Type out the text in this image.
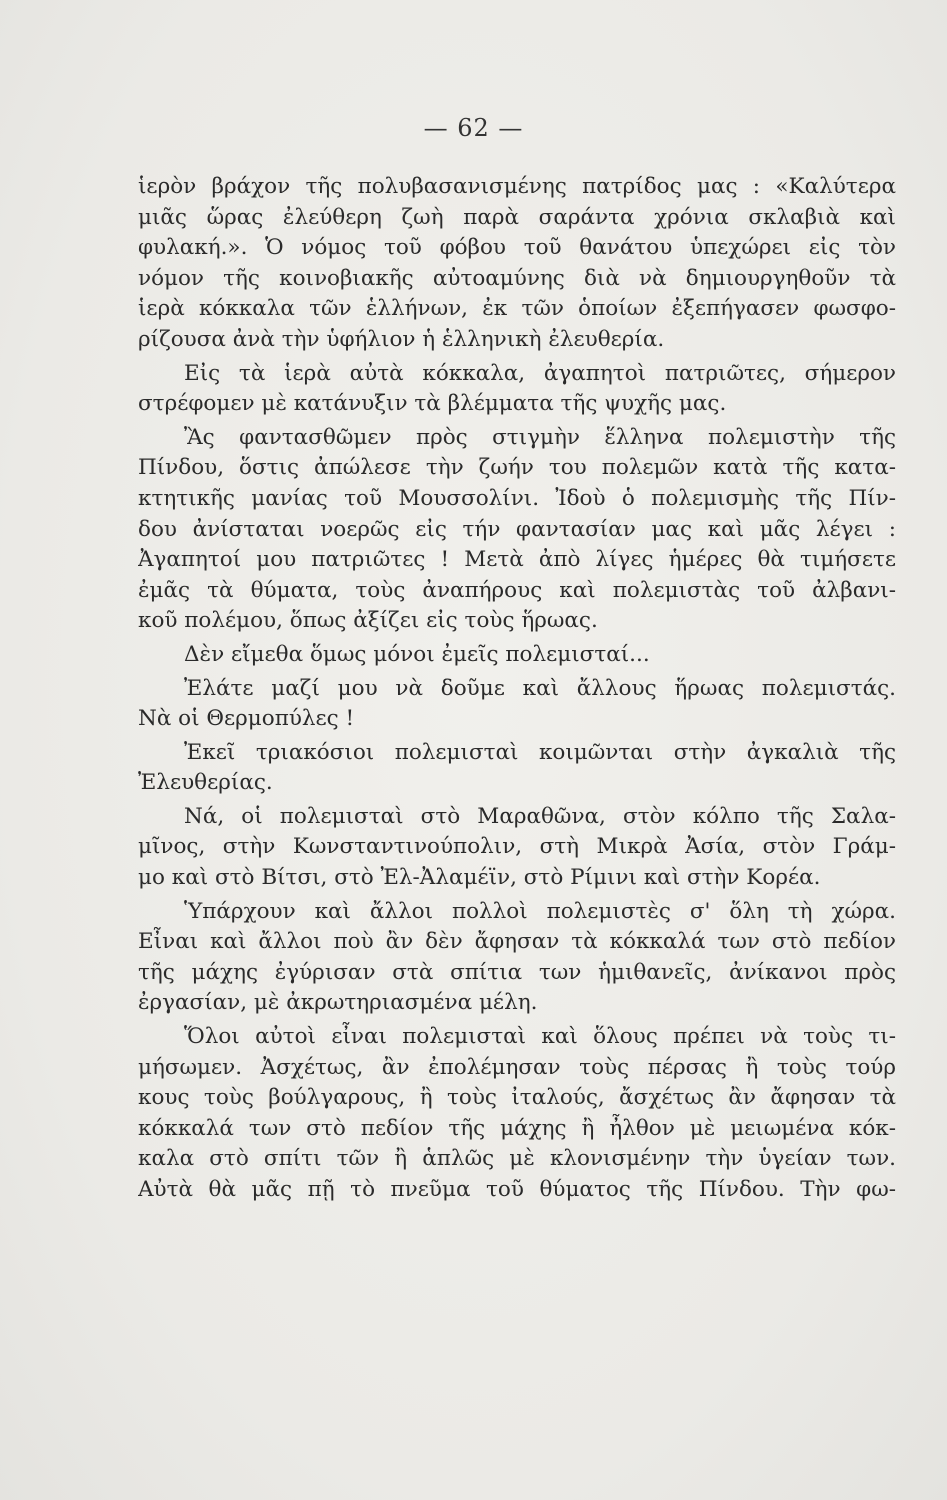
— 62 —
ἱερὸν βράχον τῆς πολυβασανισμένης πατρίδος μας : «Καλύτερα
μιᾶς ὥρας ἐλεύθερη ζωὴ παρὰ σαράντα χρόνια σκλαβιὰ καὶ
φυλακή.». Ὁ νόμος τοῦ φόβου τοῦ θανάτου ὑπεχώρει εἰς τὸν
νόμον τῆς κοινοβιακῆς αὐτοαμύνης διὰ νὰ δημιουργηθοῦν τὰ
ἱερὰ κόκκαλα τῶν ἑλλήνων, ἐκ τῶν ὁποίων ἐξεπήγασεν φωσφο-
ρίζουσα ἀνὰ τὴν ὑφήλιον ἡ ἑλληνικὴ ἐλευθερία.
Εἰς τὰ ἱερὰ αὐτὰ κόκκαλα, ἀγαπητοὶ πατριῶτες, σήμερον
στρέφομεν μὲ κατάνυξιν τὰ βλέμματα τῆς ψυχῆς μας.
Ἂς φαντασθῶμεν πρὸς στιγμὴν ἕλληνα πολεμιστὴν τῆς
Πίνδου, ὅστις ἀπώλεσε τὴν ζωήν του πολεμῶν κατὰ τῆς κατα-
κτητικῆς μανίας τοῦ Μουσσολίνι. Ἰδοὺ ὁ πολεμισμὴς τῆς Πίν-
δου ἀνίσταται νοερῶς εἰς τήν φαντασίαν μας καὶ μᾶς λέγει :
Ἀγαπητοί μου πατριῶτες ! Μετὰ ἀπὸ λίγες ἡμέρες θὰ τιμήσετε
ἐμᾶς τὰ θύματα, τοὺς ἀναπήρους καὶ πολεμιστὰς τοῦ ἀλβανι-
κοῦ πολέμου, ὅπως ἀξίζει εἰς τοὺς ἥρωας.
Δὲν εἴμεθα ὅμως μόνοι ἐμεῖς πολεμισταί...
Ἐλάτε μαζί μου νὰ δοῦμε καὶ ἄλλους ἥρωας πολεμιστάς.
Νὰ οἱ Θερμοπύλες !
Ἐκεῖ τριακόσιοι πολεμισταὶ κοιμῶνται στὴν ἀγκαλιὰ τῆς
Ἐλευθερίας.
Νά, οἱ πολεμισταὶ στὸ Μαραθῶνα, στὸν κόλπο τῆς Σαλα-
μῖνος, στὴν Κωνσταντινούπολιν, στὴ Μικρὰ Ἀσία, στὸν Γράμ-
μο καὶ στὸ Βίτσι, στὸ Ἐλ-Ἀλαμέϊν, στὸ Ρίμινι καὶ στὴν Κορέα.
Ὑπάρχουν καὶ ἄλλοι πολλοὶ πολεμιστὲς σ' ὅλη τὴ χώρα.
Εἶναι καὶ ἄλλοι ποὺ ἂν δὲν ἄφησαν τὰ κόκκαλά των στὸ πεδίον
τῆς μάχης ἐγύρισαν στὰ σπίτια των ἡμιθανεῖς, ἀνίκανοι πρὸς
ἐργασίαν, μὲ ἀκρωτηριασμένα μέλη.
Ὅλοι αὐτοὶ εἶναι πολεμισταὶ καὶ ὅλους πρέπει νὰ τοὺς τι-
μήσωμεν. Ἀσχέτως, ἂν ἐπολέμησαν τοὺς πέρσας ἢ τοὺς τούρ
κους τοὺς βούλγαρους, ἢ τοὺς ἰταλούς, ἄσχέτως ἂν ἄφησαν τὰ
κόκκαλά των στὸ πεδίον τῆς μάχης ἢ ἦλθον μὲ μειωμένα κόκ-
καλα στὸ σπίτι τῶν ἢ ἁπλῶς μὲ κλονισμένην τὴν ὑγείαν των.
Αὐτὰ θὰ μᾶς πῇ τὸ πνεῦμα τοῦ θύματος τῆς Πίνδου. Τὴν φω-
